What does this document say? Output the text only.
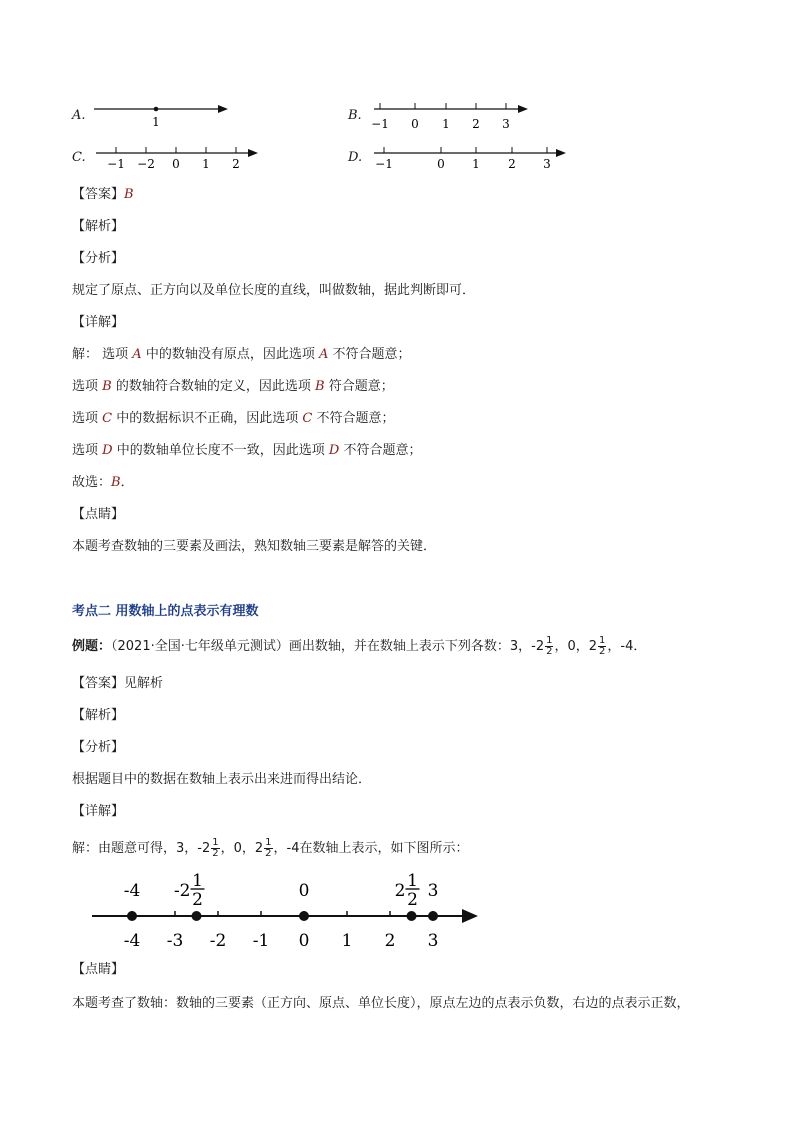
A.	1	B.
−1 0 1 2 3
C. −1 −2 0 1 2	D. −1	0 1 2 3
【答案】B
【解析】
【分析】
规定了原点、正方向以及单位长度的直线，叫做数轴，据此判断即可．
【详解】
解： 选项 A 中的数轴没有原点，因此选项 A 不符合题意；
选项 B 的数轴符合数轴的定义，因此选项 B 符合题意；
选项 C 中的数据标识不正确，因此选项 C 不符合题意；
选项 D 中的数轴单位长度不一致，因此选项 D 不符合题意；
故选：B．
【点睛】
本题考查数轴的三要素及画法，熟知数轴三要素是解答的关键．
考点二 用数轴上的点表示有理数
例题：（2021·全国·七年级单元测试）画出数轴，并在数轴上表示下列各数：3，$-2 \frac{1}{2}$ ，0，$2 \frac{1}{2}$ ，-4．
【答案】见解析
【解析】
【分析】
根据题目中的数据在数轴上表示出来进而得出结论．
【详解】
解：由题意可得，3，$-2 \frac{1}{2}$ ，0，$2 \frac{1}{2}$ ，-4在数轴上表示，如下图所示：
-4 -3 -2 -1 0 1 2 3
-4 -2 1
2	0	2 1
2 3
【点睛】
本题考查了数轴：数轴的三要素（正方向、原点、单位长度），原点左边的点表示负数，右边的点表示正数，
